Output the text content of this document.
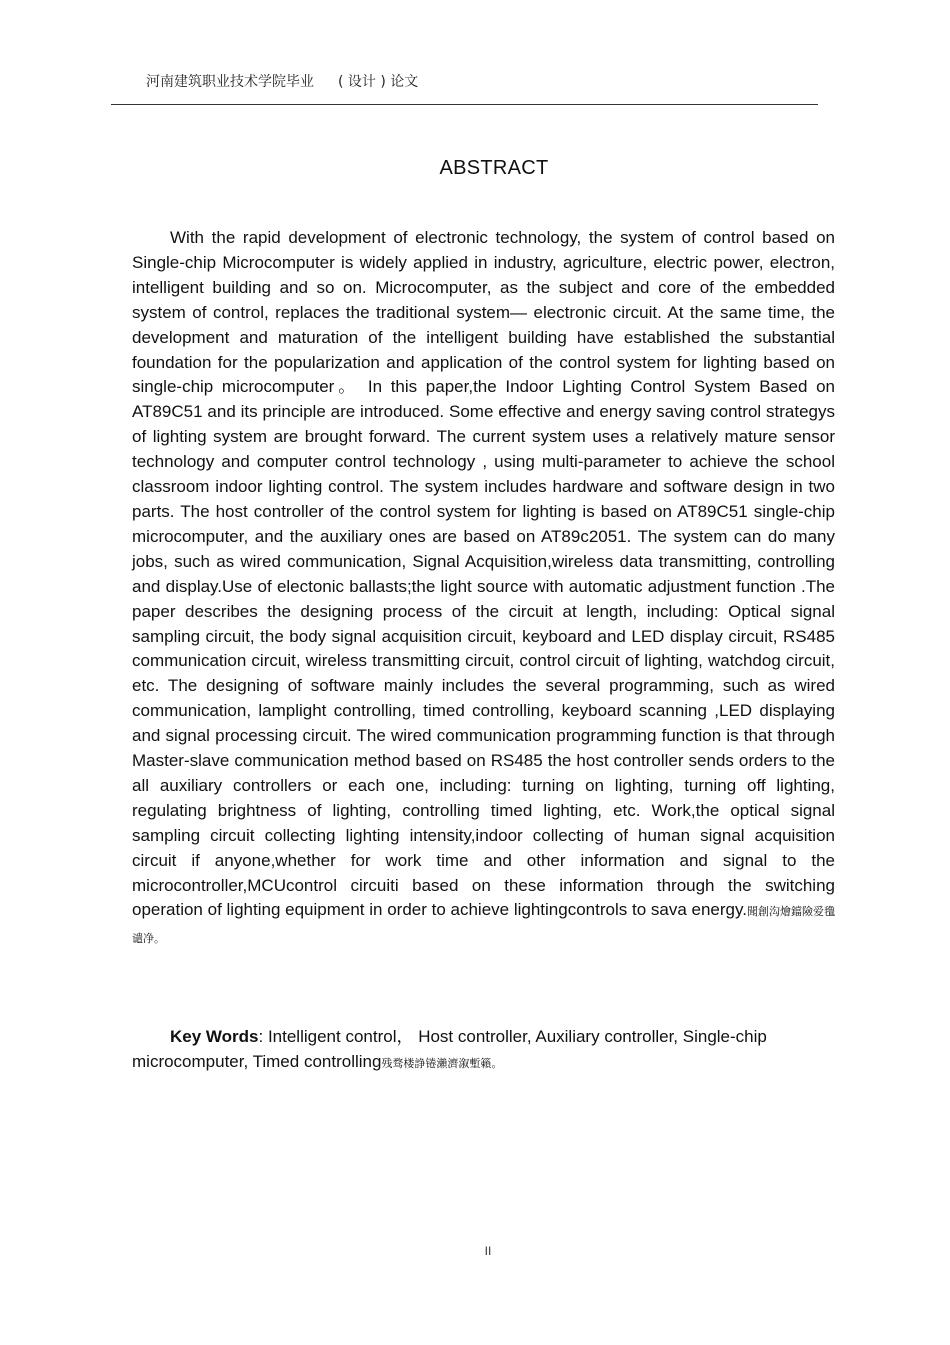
河南建筑职业技术学院毕业 ( 设计 ) 论文
ABSTRACT

With the rapid development of electronic technology, the system of control based on Single-chip Microcomputer is widely applied in industry, agriculture, electric power, electron, intelligent building and so on. Microcomputer, as the subject and core of the embedded system of control, replaces the traditional system— electronic circuit. At the same time, the development and maturation of the intelligent building have established the substantial foundation for the popularization and application of the control system for lighting based on single-chip microcomputer。 In this paper,the Indoor Lighting Control System Based on AT89C51 and its principle are introduced. Some effective and energy saving control strategys of lighting system are brought forward. The current system uses a relatively mature sensor technology and computer control technology , using multi-parameter to achieve the school classroom indoor lighting control. The system includes hardware and software design in two parts. The host controller of the control system for lighting is based on AT89C51 single-chip microcomputer, and the auxiliary ones are based on AT89c2051. The system can do many jobs, such as wired communication, Signal Acquisition,wireless data transmitting, controlling and display.Use of electonic ballasts;the light source with automatic adjustment function .The paper describes the designing process of the circuit at length, including: Optical signal sampling circuit, the body signal acquisition circuit, keyboard and LED display circuit, RS485 communication circuit, wireless transmitting circuit, control circuit of lighting, watchdog circuit, etc. The designing of software mainly includes the several programming, such as wired communication, lamplight controlling, timed controlling, keyboard scanning ,LED displaying and signal processing circuit. The wired communication programming function is that through Master-slave communication method based on RS485 the host controller sends orders to the all auxiliary controllers or each one, including: turning on lighting, turning off lighting, regulating brightness of lighting, controlling timed lighting, etc. Work,the optical signal sampling circuit collecting lighting intensity,indoor collecting of human signal acquisition circuit if anyone,whether for work time and other information and signal to the microcontroller,MCUcontrol circuiti based on these information through the switching operation of lighting equipment in order to achieve lightingcontrols to sava energy.聞創沟燴鐺險爱氇谴净。

Key Words: Intelligent control， Host controller, Auxiliary controller, Single-chip microcomputer, Timed controlling残骛楼諍锩瀨濟溆塹籟。

II
